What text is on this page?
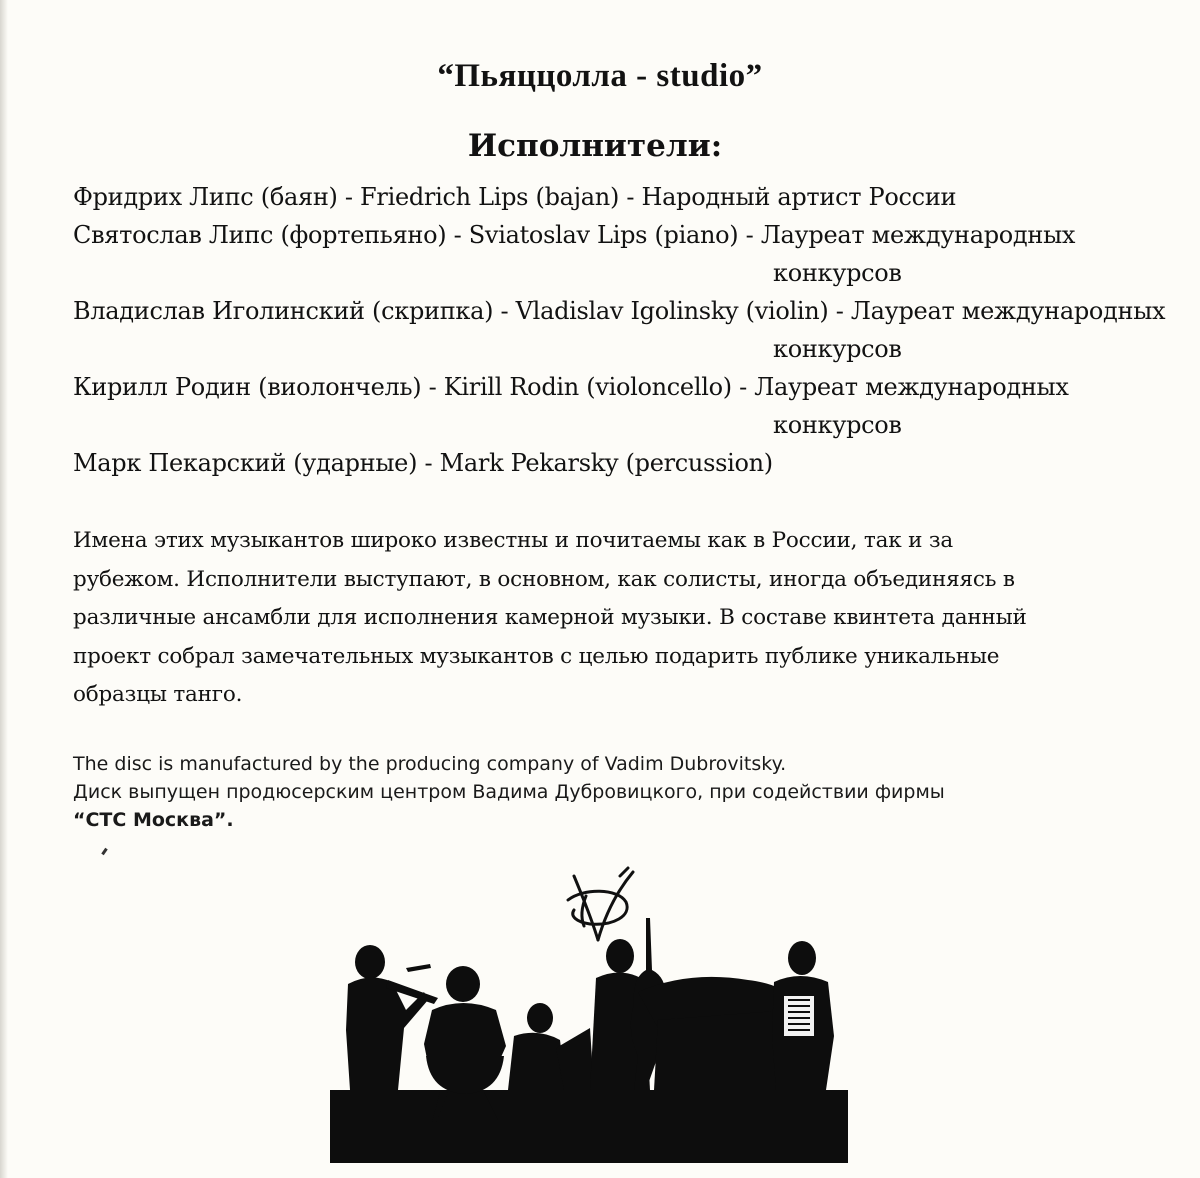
“Пьяццолла - studio”
Исполнители:
Фридрих Липс (баян) - Friedrich Lips (bajan) - Народный артист России
Святослав Липс (фортепьяно) - Sviatoslav Lips (piano) - Лауреат международных
конкурсов
Владислав Иголинский (скрипка) - Vladislav Igolinsky (violin) - Лауреат международных
конкурсов
Кирилл Родин (виолончель) - Kirill Rodin (violoncello) - Лауреат международных
конкурсов
Марк Пекарский (ударные) - Mark Pekarsky (percussion)
Имена этих музыкантов широко известны и почитаемы как в России, так и за
рубежом. Исполнители выступают, в основном, как солисты, иногда объединяясь в
различные ансамбли для исполнения камерной музыки. В составе квинтета данный
проект собрал замечательных музыкантов с целью подарить публике уникальные
образцы танго.
The disc is manufactured by the producing company of Vadim Dubrovitsky.
Диск выпущен продюсерским центром Вадима Дубровицкого, при содействии фирмы
“СТС Москва”.
